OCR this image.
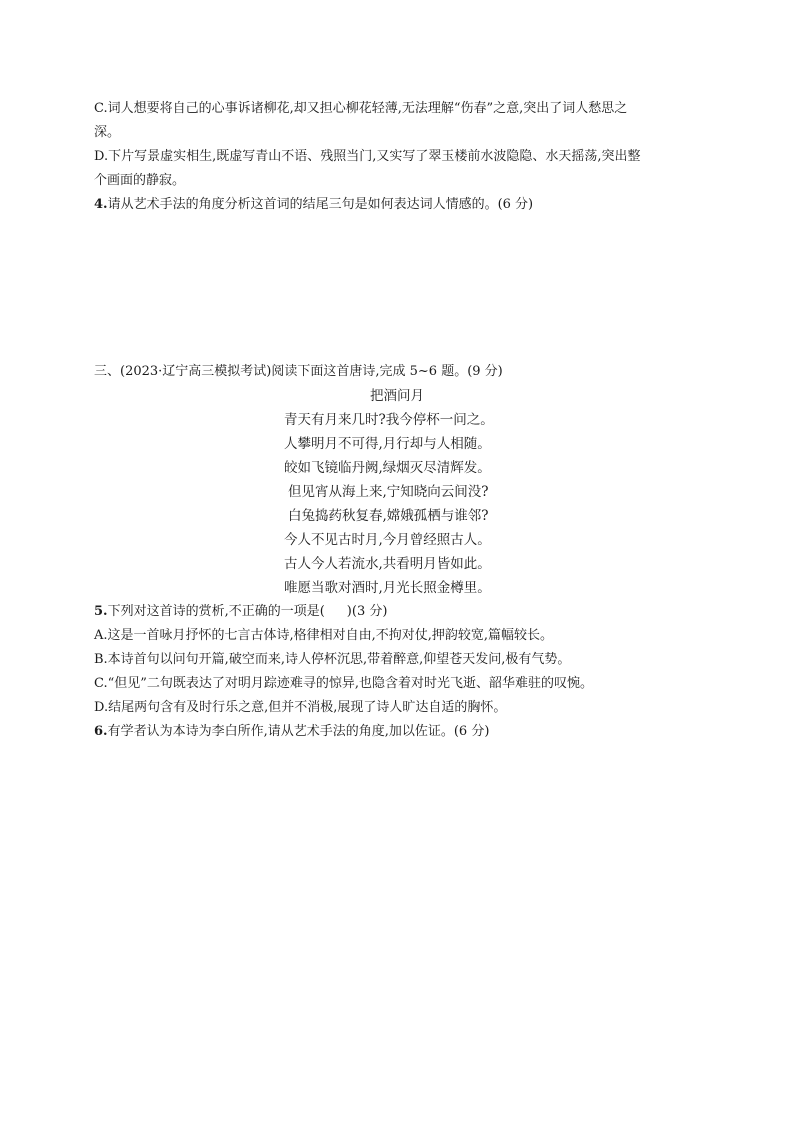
C.词人想要将自己的心事诉诸柳花,却又担心柳花轻薄,无法理解“伤春”之意,突出了词人愁思之
深。
D.下片写景虚实相生,既虚写青山不语、残照当门,又实写了翠玉楼前水波隐隐、水天摇荡,突出整
个画面的静寂。
4.请从艺术手法的角度分析这首词的结尾三句是如何表达词人情感的。(6 分)
三、(2023·辽宁高三模拟考试)阅读下面这首唐诗,完成 5~6 题。(9 分)
把酒问月
青天有月来几时?我今停杯一问之。
人攀明月不可得,月行却与人相随。
皎如飞镜临丹阙,绿烟灭尽清辉发。
但见宵从海上来,宁知晓向云间没?
白兔捣药秋复春,嫦娥孤栖与谁邻?
今人不见古时月,今月曾经照古人。
古人今人若流水,共看明月皆如此。
唯愿当歌对酒时,月光长照金樽里。
5.下列对这首诗的赏析,不正确的一项是( )(3 分)
A.这是一首咏月抒怀的七言古体诗,格律相对自由,不拘对仗,押韵较宽,篇幅较长。
B.本诗首句以问句开篇,破空而来,诗人停杯沉思,带着醉意,仰望苍天发问,极有气势。
C.“但见”二句既表达了对明月踪迹难寻的惊异,也隐含着对时光飞逝、韶华难驻的叹惋。
D.结尾两句含有及时行乐之意,但并不消极,展现了诗人旷达自适的胸怀。
6.有学者认为本诗为李白所作,请从艺术手法的角度,加以佐证。(6 分)
